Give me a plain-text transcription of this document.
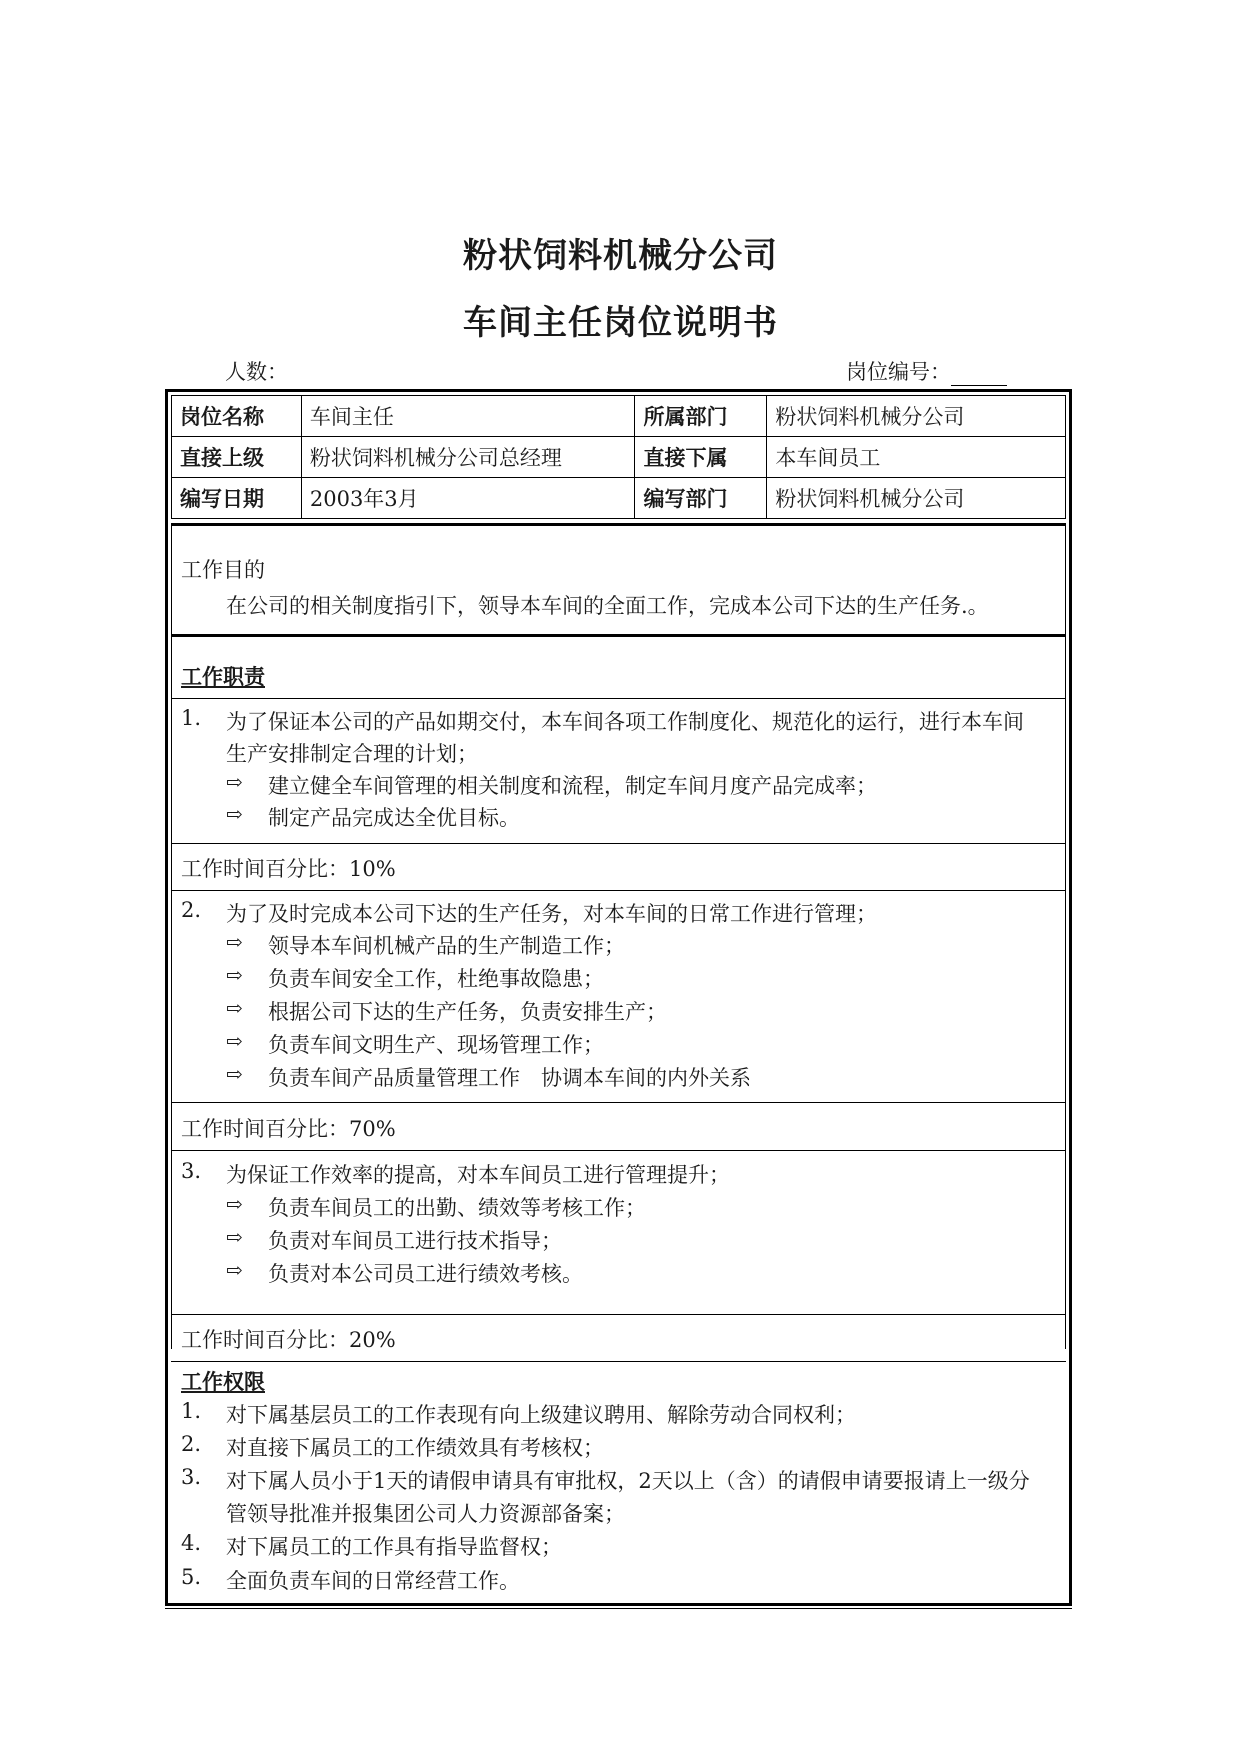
粉状饲料机械分公司
车间主任岗位说明书
人数：	岗位编号：
岗位名称	车间主任	所属部门	粉状饲料机械分公司
直接上级	粉状饲料机械分公司总经理	直接下属	本车间员工
编写日期	2003年3月	编写部门	粉状饲料机械分公司
工作目的
在公司的相关制度指引下，领导本车间的全面工作，完成本公司下达的生产任务.。
工作职责
1. 为了保证本公司的产品如期交付，本车间各项工作制度化、规范化的运行，进行本车间
生产安排制定合理的计划；
⇨ 建立健全车间管理的相关制度和流程，制定车间月度产品完成率；
⇨ 制定产品完成达全优目标。
工作时间百分比：10%
2. 为了及时完成本公司下达的生产任务，对本车间的日常工作进行管理；
⇨ 领导本车间机械产品的生产制造工作；
⇨ 负责车间安全工作，杜绝事故隐患；
⇨ 根据公司下达的生产任务，负责安排生产；
⇨ 负责车间文明生产、现场管理工作；
⇨ 负责车间产品质量管理工作　协调本车间的内外关系
工作时间百分比：70%
3. 为保证工作效率的提高，对本车间员工进行管理提升；
⇨ 负责车间员工的出勤、绩效等考核工作；
⇨ 负责对车间员工进行技术指导；
⇨ 负责对本公司员工进行绩效考核。
工作时间百分比：20%
工作权限
1. 对下属基层员工的工作表现有向上级建议聘用、解除劳动合同权利；
2. 对直接下属员工的工作绩效具有考核权；
3. 对下属人员小于1天的请假申请具有审批权，2天以上（含）的请假申请要报请上一级分
管领导批准并报集团公司人力资源部备案；
4. 对下属员工的工作具有指导监督权；
5. 全面负责车间的日常经营工作。
